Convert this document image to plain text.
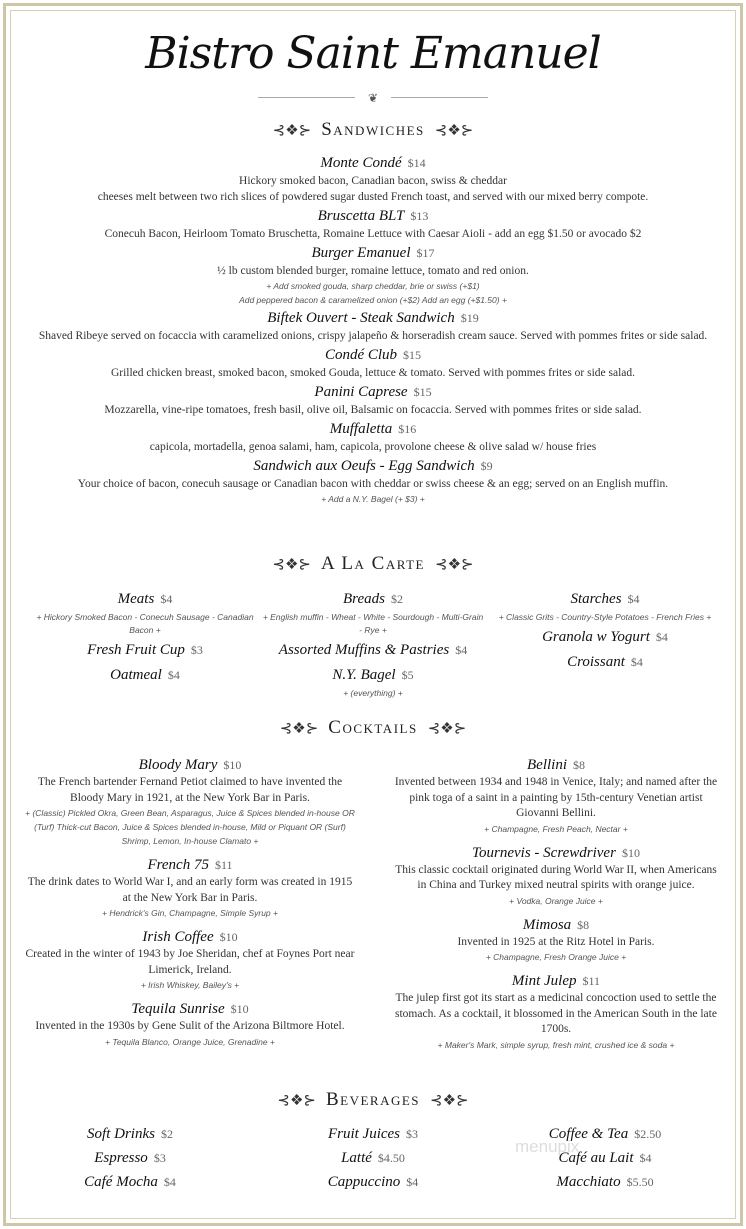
Bistro Saint Emanuel
❦
⊰❖⊱ Sandwiches ⊰❖⊱
Monte Condé $14
Hickory smoked bacon, Canadian bacon, swiss & cheddar
cheeses melt between two rich slices of powdered sugar dusted French toast, and served with our mixed berry compote.
Bruscetta BLT $13
Conecuh Bacon, Heirloom Tomato Bruschetta, Romaine Lettuce with Caesar Aioli - add an egg $1.50 or avocado $2
Burger Emanuel $17
½ lb custom blended burger, romaine lettuce, tomato and red onion.
+ Add smoked gouda, sharp cheddar, brie or swiss (+$1)
Add peppered bacon & caramelized onion (+$2) Add an egg (+$1.50) +
Biftek Ouvert - Steak Sandwich $19
Shaved Ribeye served on focaccia with caramelized onions, crispy jalapeño & horseradish cream sauce. Served with pommes frites or side salad.
Condé Club $15
Grilled chicken breast, smoked bacon, smoked Gouda, lettuce & tomato. Served with pommes frites or side salad.
Panini Caprese $15
Mozzarella, vine-ripe tomatoes, fresh basil, olive oil, Balsamic on focaccia. Served with pommes frites or side salad.
Muffaletta $16
capicola, mortadella, genoa salami, ham, capicola, provolone cheese & olive salad w/ house fries
Sandwich aux Oeufs - Egg Sandwich $9
Your choice of bacon, conecuh sausage or Canadian bacon with cheddar or swiss cheese & an egg; served on an English muffin.
+ Add a N.Y. Bagel (+ $3) +
⊰❖⊱ A La Carte ⊰❖⊱
Meats $4
+ Hickory Smoked Bacon - Conecuh Sausage - Canadian Bacon +
Fresh Fruit Cup $3
Oatmeal $4
Breads $2
+ English muffin - Wheat - White - Sourdough - Multi-Grain - Rye +
Assorted Muffins & Pastries $4
N.Y. Bagel $5
+ (everything) +
Starches $4
+ Classic Grits - Country-Style Potatoes - French Fries +
Granola w Yogurt $4
Croissant $4
⊰❖⊱ Cocktails ⊰❖⊱
Bloody Mary $10
The French bartender Fernand Petiot claimed to have invented the Bloody Mary in 1921, at the New York Bar in Paris.
+ (Classic) Pickled Okra, Green Bean, Asparagus, Juice & Spices blended in-house OR (Turf) Thick-cut Bacon, Juice & Spices blended in-house, Mild or Piquant OR (Surf) Shrimp, Lemon, In-house Clamato +
French 75 $11
The drink dates to World War I, and an early form was created in 1915 at the New York Bar in Paris.
+ Hendrick's Gin, Champagne, Simple Syrup +
Irish Coffee $10
Created in the winter of 1943 by Joe Sheridan, chef at Foynes Port near Limerick, Ireland.
+ Irish Whiskey, Bailey's +
Tequila Sunrise $10
Invented in the 1930s by Gene Sulit of the Arizona Biltmore Hotel.
+ Tequila Blanco, Orange Juice, Grenadine +
Bellini $8
Invented between 1934 and 1948 in Venice, Italy; and named after the pink toga of a saint in a painting by 15th-century Venetian artist Giovanni Bellini.
+ Champagne, Fresh Peach, Nectar +
Tournevis - Screwdriver $10
This classic cocktail originated during World War II, when Americans in China and Turkey mixed neutral spirits with orange juice.
+ Vodka, Orange Juice +
Mimosa $8
Invented in 1925 at the Ritz Hotel in Paris.
+ Champagne, Fresh Orange Juice +
Mint Julep $11
The julep first got its start as a medicinal concoction used to settle the stomach. As a cocktail, it blossomed in the American South in the late 1700s.
+ Maker's Mark, simple syrup, fresh mint, crushed ice & soda +
⊰❖⊱ Beverages ⊰❖⊱
Soft Drinks $2
Espresso $3
Café Mocha $4
Fruit Juices $3
Latté $4.50
Cappuccino $4
Coffee & Tea $2.50
Café au Lait $4
Macchiato $5.50
menupix
